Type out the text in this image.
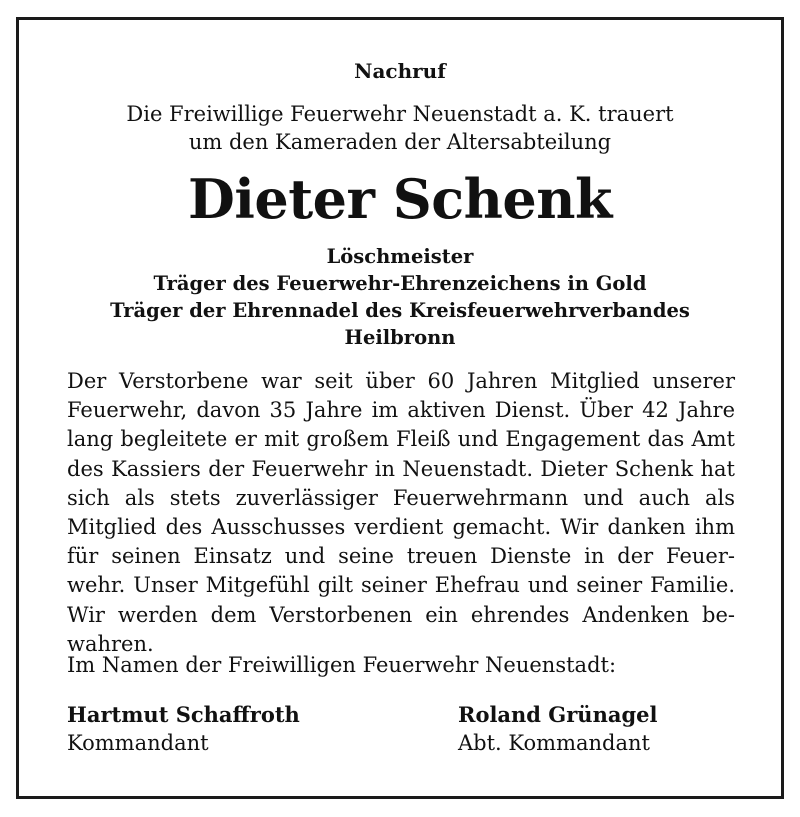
Nachruf
Die Freiwillige Feuerwehr Neuenstadt a. K. trauert
um den Kameraden der Altersabteilung
Dieter Schenk
Löschmeister
Träger des Feuerwehr-Ehrenzeichens in Gold
Träger der Ehrennadel des Kreisfeuerwehrverbandes
Heilbronn
Der Verstorbene war seit über 60 Jahren Mitglied unserer
Feuerwehr, davon 35 Jahre im aktiven Dienst. Über 42 Jahre
lang begleitete er mit großem Fleiß und Engagement das Amt
des Kassiers der Feuerwehr in Neuenstadt. Dieter Schenk hat
sich als stets zuverlässiger Feuerwehrmann und auch als
Mitglied des Ausschusses verdient gemacht. Wir danken ihm
für seinen Einsatz und seine treuen Dienste in der Feuer-
wehr. Unser Mitgefühl gilt seiner Ehefrau und seiner Familie.
Wir werden dem Verstorbenen ein ehrendes Andenken be-
wahren.
Im Namen der Freiwilligen Feuerwehr Neuenstadt:
Hartmut Schaffroth
Kommandant
Roland Grünagel
Abt. Kommandant
